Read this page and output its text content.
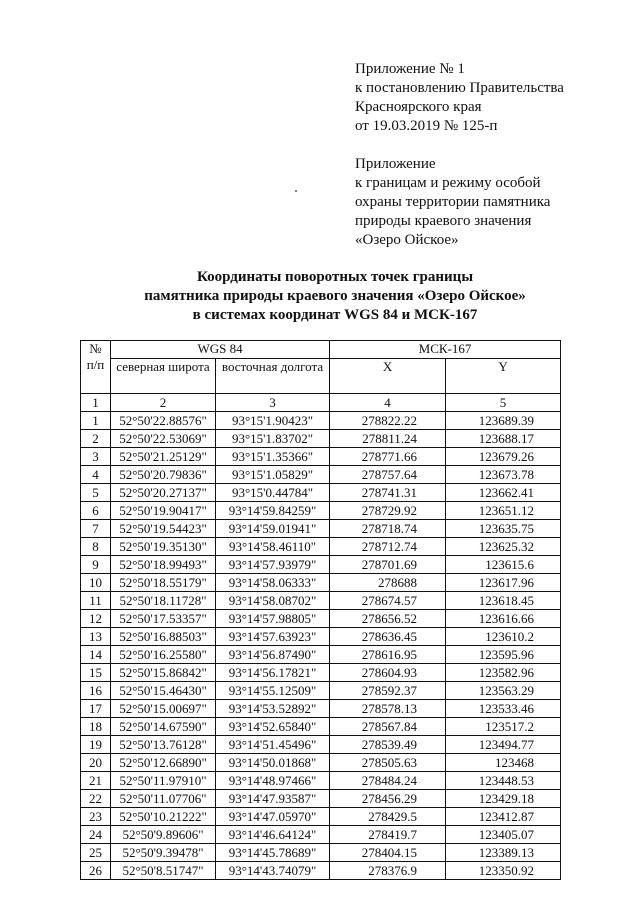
Приложение № 1

к постановлению Правительства

Красноярского края

от 19.03.2019 № 125-п

Приложение

к границам и режиму особой

охраны территории памятника

природы краевого значения

«Озеро Ойское»

Координаты поворотных точек границы

памятника природы краевого значения «Озеро Ойское»

в системах координат WGS 84 и МСК-167

№
п/п	WGS 84		МСК-167	
	северная широта	восточная долгота	X	Y
1	2	3	4	5
1	52°50'22.88576"	93°15'1.90423"	278822.22	123689.39
2	52°50'22.53069"	93°15'1.83702"	278811.24	123688.17
3	52°50'21.25129"	93°15'1.35366"	278771.66	123679.26
4	52°50'20.79836"	93°15'1.05829"	278757.64	123673.78
5	52°50'20.27137"	93°15'0.44784"	278741.31	123662.41
6	52°50'19.90417"	93°14'59.84259"	278729.92	123651.12
7	52°50'19.54423"	93°14'59.01941"	278718.74	123635.75
8	52°50'19.35130"	93°14'58.46110"	278712.74	123625.32
9	52°50'18.99493"	93°14'57.93979"	278701.69	123615.6
10	52°50'18.55179"	93°14'58.06333"	278688	123617.96
11	52°50'18.11728"	93°14'58.08702"	278674.57	123618.45
12	52°50'17.53357"	93°14'57.98805"	278656.52	123616.66
13	52°50'16.88503"	93°14'57.63923"	278636.45	123610.2
14	52°50'16.25580"	93°14'56.87490"	278616.95	123595.96
15	52°50'15.86842"	93°14'56.17821"	278604.93	123582.96
16	52°50'15.46430"	93°14'55.12509"	278592.37	123563.29
17	52°50'15.00697"	93°14'53.52892"	278578.13	123533.46
18	52°50'14.67590"	93°14'52.65840"	278567.84	123517.2
19	52°50'13.76128"	93°14'51.45496"	278539.49	123494.77
20	52°50'12.66890"	93°14'50.01868"	278505.63	123468
21	52°50'11.97910"	93°14'48.97466"	278484.24	123448.53
22	52°50'11.07706"	93°14'47.93587"	278456.29	123429.18
23	52°50'10.21222"	93°14'47.05970"	278429.5	123412.87
24	52°50'9.89606"	93°14'46.64124"	278419.7	123405.07
25	52°50'9.39478"	93°14'45.78689"	278404.15	123389.13
26	52°50'8.51747"	93°14'43.74079"	278376.9	123350.92
